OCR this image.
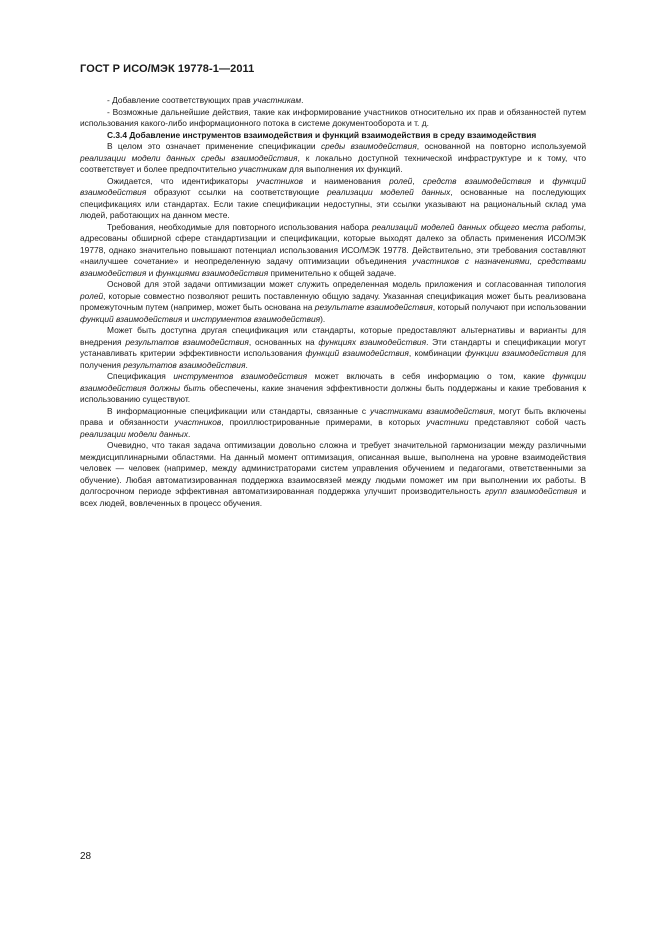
ГОСТ Р ИСО/МЭК 19778-1—2011

- Добавление соответствующих прав участникам.

- Возможные дальнейшие действия, такие как информирование участников относительно их прав и обязанностей путем использования какого-либо информационного потока в системе документооборота и т. д.

C.3.4 Добавление инструментов взаимодействия и функций взаимодействия в среду взаимодействия

В целом это означает применение спецификации среды взаимодействия, основанной на повторно используемой реализации модели данных среды взаимодействия, к локально доступной технической инфраструктуре и к тому, что соответствует и более предпочтительно участникам для выполнения их функций.

Ожидается, что идентификаторы участников и наименования ролей, средств взаимодействия и функций взаимодействия образуют ссылки на соответствующие реализации моделей данных, основанные на последующих спецификациях или стандартах. Если такие спецификации недоступны, эти ссылки указывают на рациональный склад ума людей, работающих на данном месте.

Требования, необходимые для повторного использования набора реализаций моделей данных общего места работы, адресованы обширной сфере стандартизации и спецификации, которые выходят далеко за область применения ИСО/МЭК 19778, однако значительно повышают потенциал использования ИСО/МЭК 19778. Действительно, эти требования составляют «наилучшее сочетание» и неопределенную задачу оптимизации объединения участников с назначениями, средствами взаимодействия и функциями взаимодействия применительно к общей задаче.

Основой для этой задачи оптимизации может служить определенная модель приложения и согласованная типология ролей, которые совместно позволяют решить поставленную общую задачу. Указанная спецификация может быть реализована промежуточным путем (например, может быть основана на результате взаимодействия, который получают при использовании функций взаимодействия и инструментов взаимодействия).

Может быть доступна другая спецификация или стандарты, которые предоставляют альтернативы и варианты для внедрения результатов взаимодействия, основанных на функциях взаимодействия. Эти стандарты и спецификации могут устанавливать критерии эффективности использования функций взаимодействия, комбинации функции взаимодействия для получения результатов взаимодействия.

Спецификация инструментов взаимодействия может включать в себя информацию о том, какие функции взаимодействия должны быть обеспечены, какие значения эффективности должны быть поддержаны и какие требования к использованию существуют.

В информационные спецификации или стандарты, связанные с участниками взаимодействия, могут быть включены права и обязанности участников, проиллюстрированные примерами, в которых участники представляют собой часть реализации модели данных.

Очевидно, что такая задача оптимизации довольно сложна и требует значительной гармонизации между различными междисциплинарными областями. На данный момент оптимизация, описанная выше, выполнена на уровне взаимодействия человек — человек (например, между администраторами систем управления обучением и педагогами, ответственными за обучение). Любая автоматизированная поддержка взаимосвязей между людьми поможет им при выполнении их работы. В долгосрочном периоде эффективная автоматизированная поддержка улучшит производительность групп взаимодействия и всех людей, вовлеченных в процесс обучения.

28
